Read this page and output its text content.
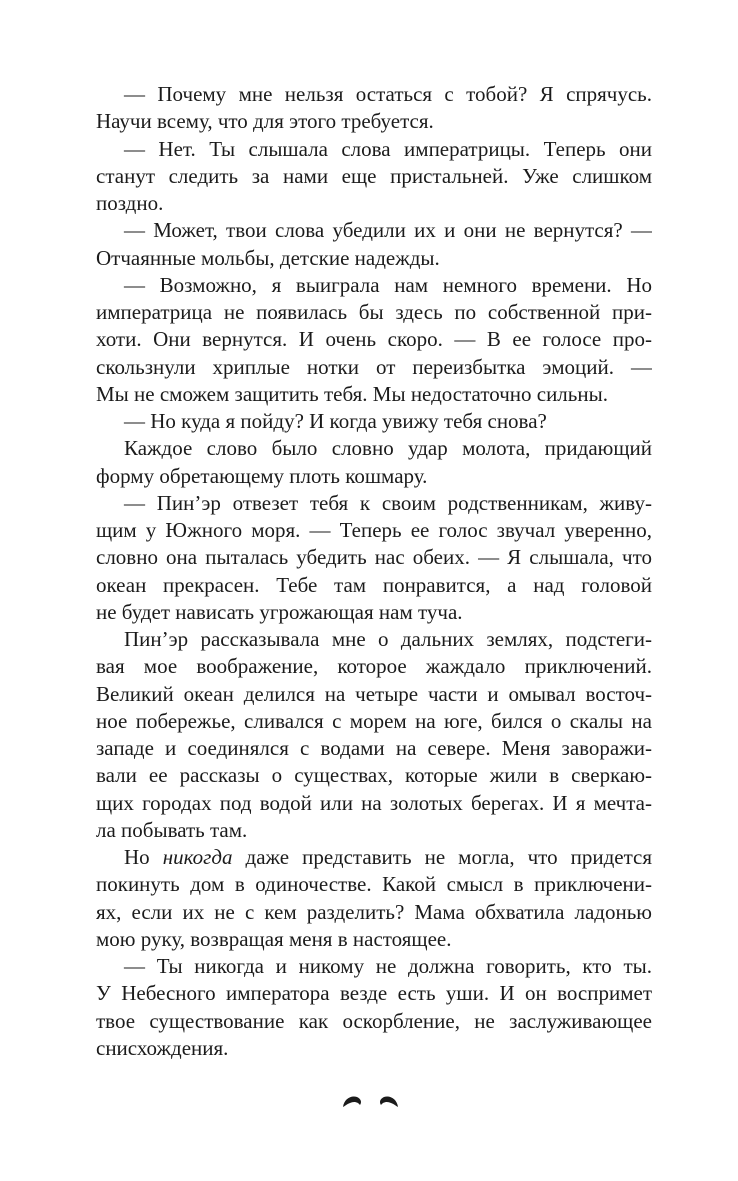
— Почему мне нельзя остаться с тобой? Я спрячусь.
Научи всему, что для этого требуется.
— Нет. Ты слышала слова императрицы. Теперь они
станут следить за нами еще пристальней. Уже слишком
поздно.
— Может, твои слова убедили их и они не вернутся? —
Отчаянные мольбы, детские надежды.
— Возможно, я выиграла нам немного времени. Но
императрица не появилась бы здесь по собственной при-
хоти. Они вернутся. И очень скоро. — В ее голосе про-
скользнули хриплые нотки от переизбытка эмоций. —
Мы не сможем защитить тебя. Мы недостаточно сильны.
— Но куда я пойду? И когда увижу тебя снова?
Каждое слово было словно удар молота, придающий
форму обретающему плоть кошмару.
— Пин’эр отвезет тебя к своим родственникам, живу-
щим у Южного моря. — Теперь ее голос звучал уверенно,
словно она пыталась убедить нас обеих. — Я слышала, что
океан прекрасен. Тебе там понравится, а над головой
не будет нависать угрожающая нам туча.
Пин’эр рассказывала мне о дальних землях, подстеги-
вая мое воображение, которое жаждало приключений.
Великий океан делился на четыре части и омывал восточ-
ное побережье, сливался с морем на юге, бился о скалы на
западе и соединялся с водами на севере. Меня заворажи-
вали ее рассказы о существах, которые жили в сверкаю-
щих городах под водой или на золотых берегах. И я мечта-
ла побывать там.
Но никогда даже представить не могла, что придется
покинуть дом в одиночестве. Какой смысл в приключени-
ях, если их не с кем разделить? Мама обхватила ладонью
мою руку, возвращая меня в настоящее.
— Ты никогда и никому не должна говорить, кто ты.
У Небесного императора везде есть уши. И он воспримет
твое существование как оскорбление, не заслуживающее
снисхождения.
